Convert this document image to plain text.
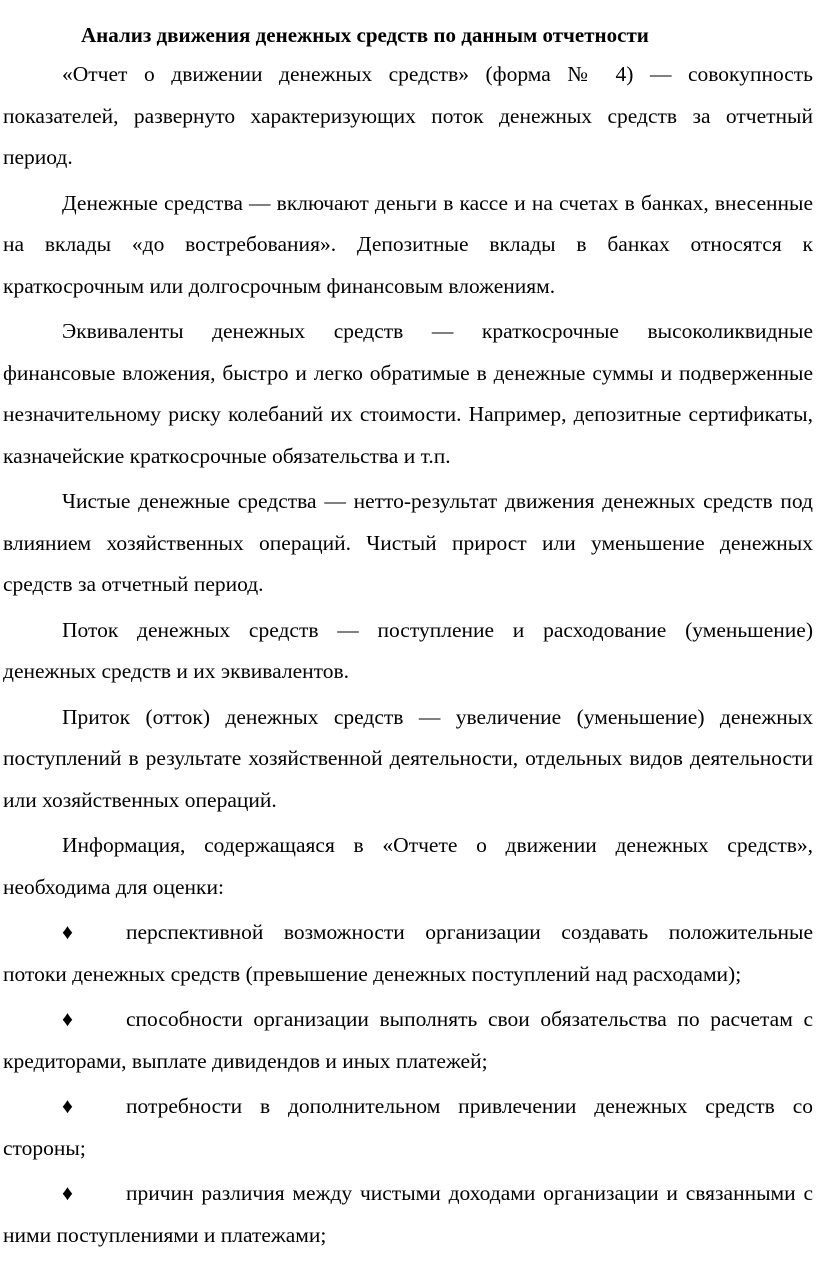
Анализ движения денежных средств по данным отчетности

«Отчет о движении денежных средств» (форма № 4) — совокупность показателей, развернуто характеризующих поток денежных средств за отчетный период.

Денежные средства — включают деньги в кассе и на счетах в банках, внесенные на вклады «до востребования». Депозитные вклады в банках относятся к краткосрочным или долгосрочным финансовым вложениям.

Эквиваленты денежных средств — краткосрочные высоколиквидные финансовые вложения, быстро и легко обратимые в денежные суммы и подверженные незначительному риску колебаний их стоимости. Например, депозитные сертификаты, казначейские краткосрочные обязательства и т.п.

Чистые денежные средства — нетто-результат движения денежных средств под влиянием хозяйственных операций. Чистый прирост или уменьшение денежных средств за отчетный период.

Поток денежных средств — поступление и расходование (уменьшение) денежных средств и их эквивалентов.

Приток (отток) денежных средств — увеличение (уменьшение) денежных поступлений в результате хозяйственной деятельности, отдельных видов деятельности или хозяйственных операций.

Информация, содержащаяся в «Отчете о движении денежных средств», необходима для оценки:

♦ перспективной возможности организации создавать положительные потоки денежных средств (превышение денежных поступлений над расходами);

♦ способности организации выполнять свои обязательства по расчетам с кредиторами, выплате дивидендов и иных платежей;

♦ потребности в дополнительном привлечении денежных средств со стороны;

♦ причин различия между чистыми доходами организации и связанными с ними поступлениями и платежами;
